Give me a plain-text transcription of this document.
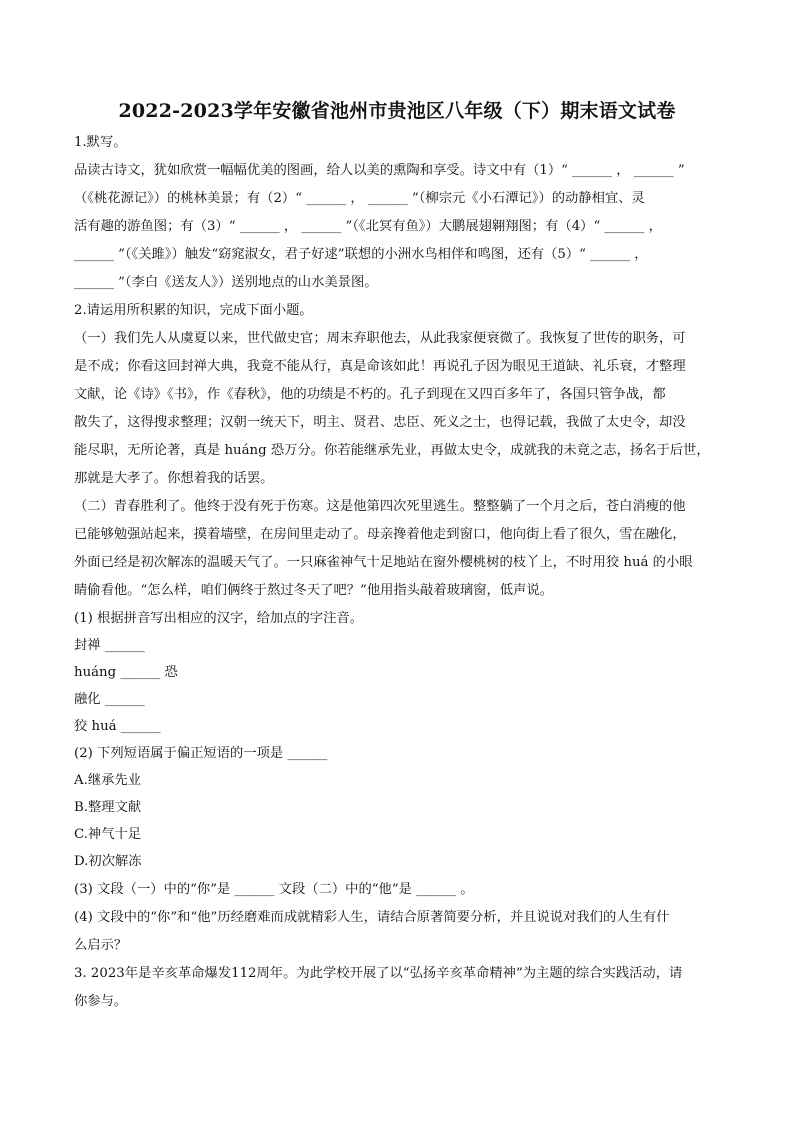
2022-2023学年安徽省池州市贵池区八年级（下）期末语文试卷
1.默写。
品读古诗文，犹如欣赏一幅幅优美的图画，给人以美的熏陶和享受。诗文中有（1）“ ______ ， ______ ”
（《桃花源记》）的桃林美景；有（2）“ ______ ， ______ ”（柳宗元《小石潭记》）的动静相宜、灵
活有趣的游鱼图；有（3）“ ______ ， ______ ”（《北冥有鱼》）大鹏展翅翱翔图；有（4）“ ______ ，
______ ”（《关雎》）触发“窈窕淑女，君子好逑”联想的小洲水鸟相伴和鸣图，还有（5）“ ______ ，
______ ”（李白《送友人》）送别地点的山水美景图。
2.请运用所积累的知识，完成下面小题。
（一）我们先人从虞夏以来，世代做史官；周末弃职他去，从此我家便衰微了。我恢复了世传的职务，可
是不成；你看这回封禅大典，我竟不能从行，真是命该如此！再说孔子因为眼见王道缺、礼乐衰，才整理
文献，论《诗》《书》，作《春秋》，他的功绩是不朽的。孔子到现在又四百多年了，各国只管争战，都
散失了，这得搜求整理；汉朝一统天下，明主、贤君、忠臣、死义之士，也得记载，我做了太史令，却没
能尽职，无所论著，真是 huáng 恐万分。你若能继承先业，再做太史令，成就我的未竟之志，扬名于后世，
那就是大孝了。你想着我的话罢。
（二）青春胜利了。他终于没有死于伤寒。这是他第四次死里逃生。整整躺了一个月之后，苍白消瘦的他
已能够勉强站起来，摸着墙壁，在房间里走动了。母亲搀着他走到窗口，他向街上看了很久，雪在融化，
外面已经是初次解冻的温暖天气了。一只麻雀神气十足地站在窗外樱桃树的枝丫上，不时用狡 huá 的小眼
睛偷看他。“怎么样，咱们俩终于熬过冬天了吧？”他用指头敲着玻璃窗，低声说。
(1) 根据拼音写出相应的汉字，给加点的字注音。
封禅 ______
huáng ______ 恐
融化 ______
狡 huá ______
(2) 下列短语属于偏正短语的一项是 ______
A.继承先业
B.整理文献
C.神气十足
D.初次解冻
(3) 文段（一）中的“你”是 ______ 文段（二）中的“他”是 ______ 。
(4) 文段中的“你”和“他”历经磨难而成就精彩人生，请结合原著简要分析，并且说说对我们的人生有什
么启示？
3. 2023年是辛亥革命爆发112周年。为此学校开展了以“弘扬辛亥革命精神”为主题的综合实践活动，请
你参与。
